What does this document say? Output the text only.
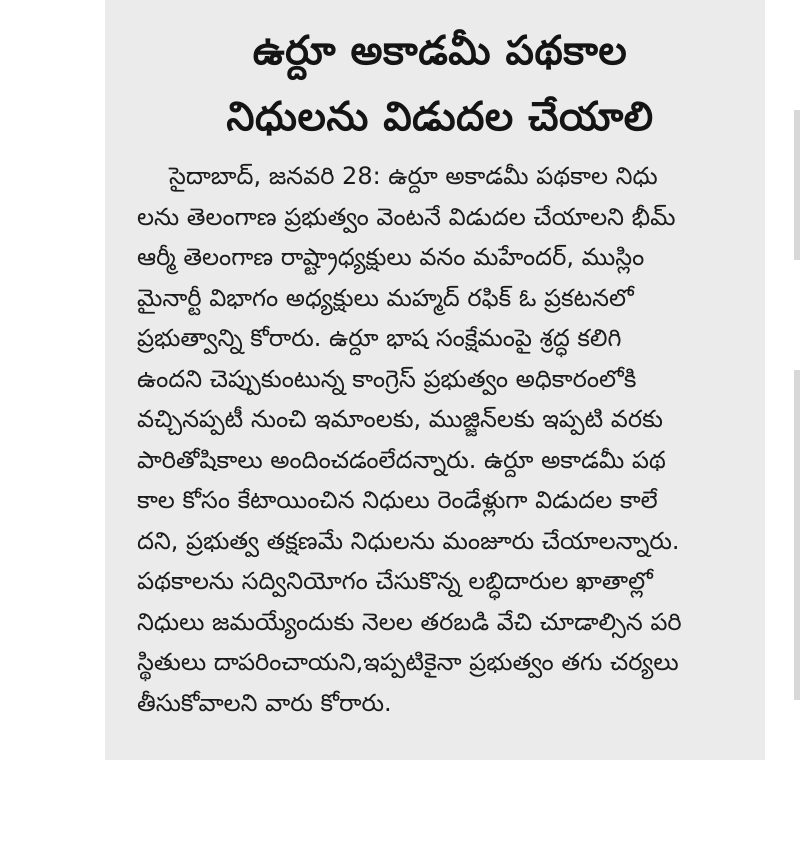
ఉర్దూ అకాడమీ పథకాల
నిధులను విడుదల చేయాలి
సైదాబాద్, జనవరి 28: ఉర్దూ అకాడమీ పథకాల నిధు
లను తెలంగాణ ప్రభుత్వం వెంటనే విడుదల చేయాలని భీమ్
ఆర్మీ తెలంగాణ రాష్ట్రాధ్యక్షులు వనం మహేందర్, ముస్లిం
మైనార్టీ విభాగం అధ్యక్షులు మహ్మద్ రఫిక్ ఓ ప్రకటనలో
ప్రభుత్వాన్ని కోరారు. ఉర్దూ భాష సంక్షేమంపై శ్రద్ధ కలిగి
ఉందని చెప్పుకుంటున్న కాంగ్రెస్ ప్రభుత్వం అధికారంలోకి
వచ్చినప్పటీ నుంచి ఇమాంలకు, ముజ్జిన్‌లకు ఇప్పటి వరకు
పారితోషికాలు అందించడంలేదన్నారు. ఉర్దూ అకాడమీ పథ
కాల కోసం కేటాయించిన నిధులు రెండేళ్లుగా విడుదల కాలే
దని, ప్రభుత్వ తక్షణమే నిధులను మంజూరు చేయాలన్నారు.
పథకాలను సద్వినియోగం చేసుకొన్న లబ్ధిదారుల ఖాతాల్లో
నిధులు జమయ్యేందుకు నెలల తరబడి వేచి చూడాల్సిన పరి
స్థితులు దాపరించాయని,ఇప్పటికైనా ప్రభుత్వం తగు చర్యలు
తీసుకోవాలని వారు కోరారు.
